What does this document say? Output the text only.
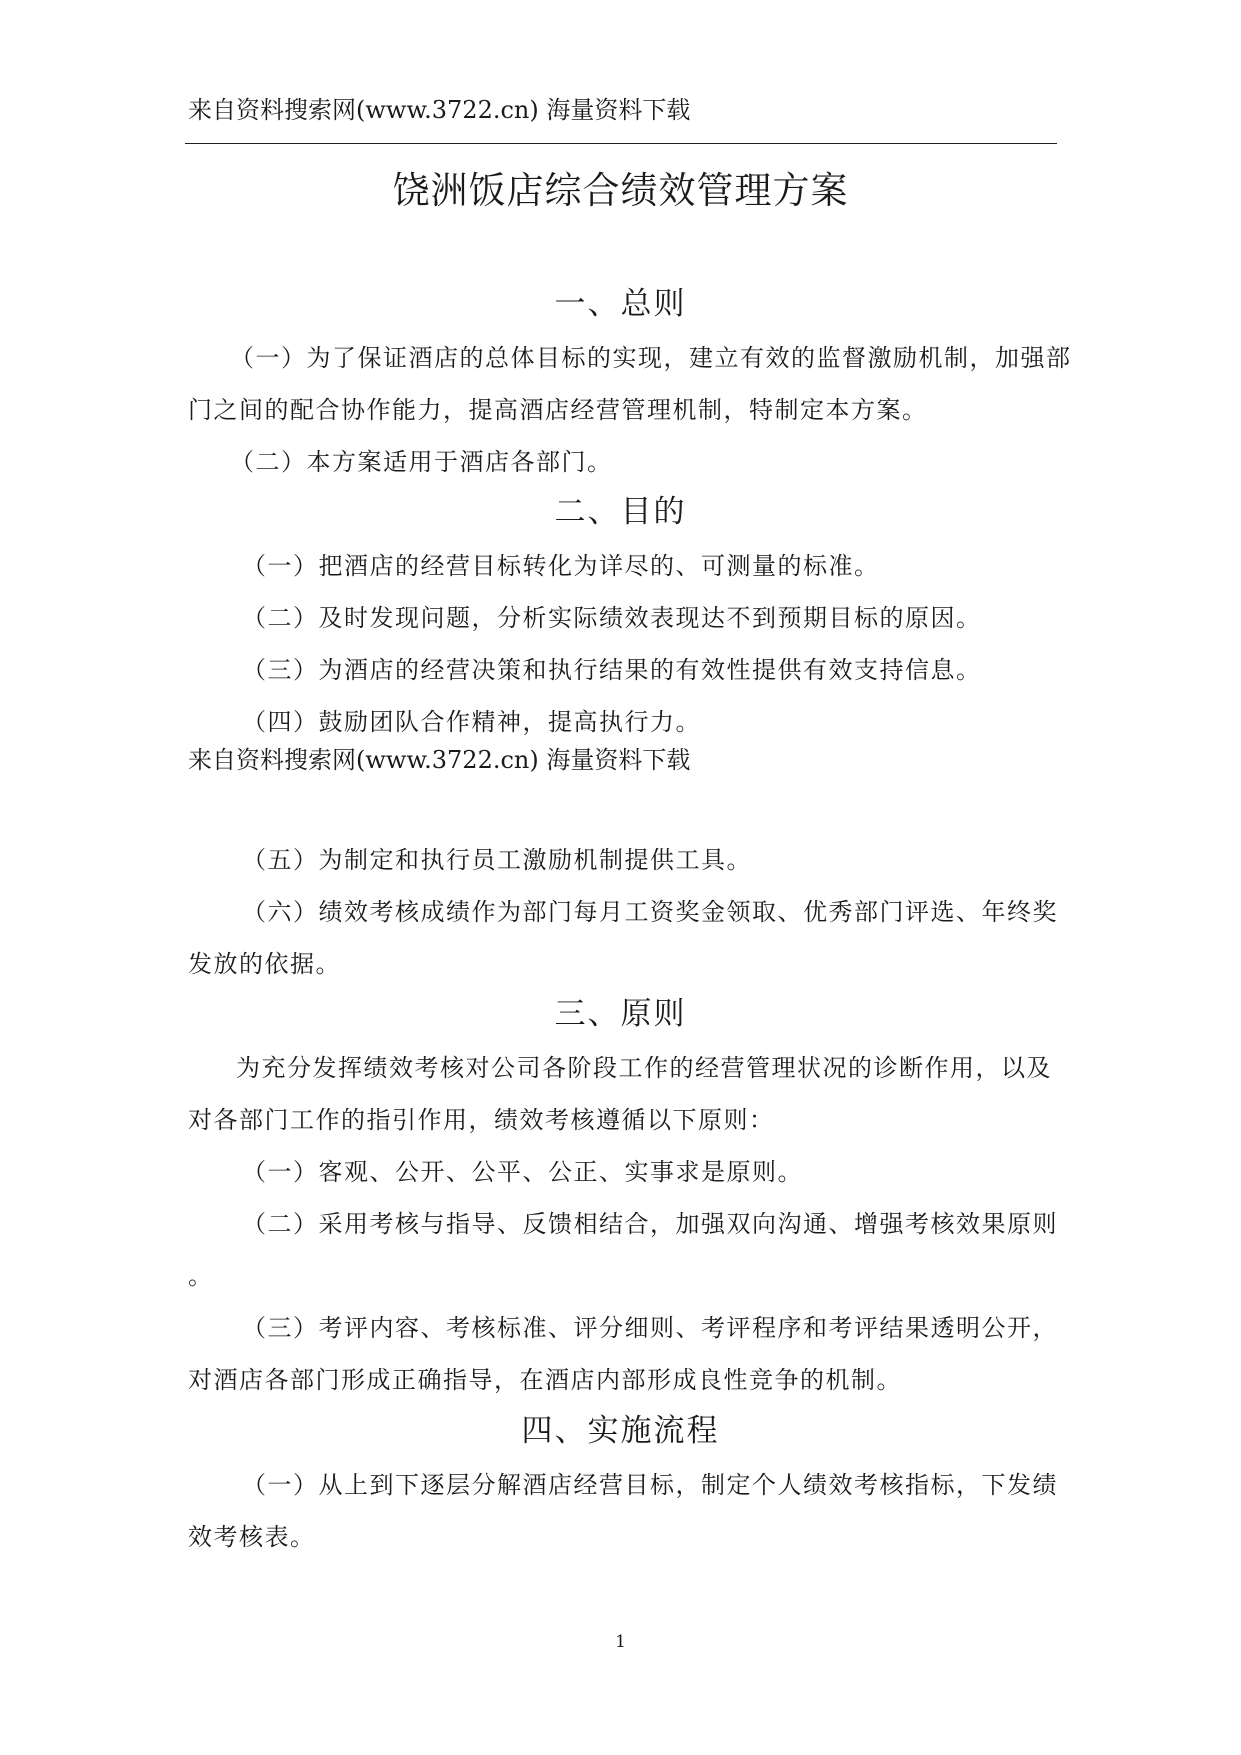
来自资料搜索网(www.3722.cn) 海量资料下载
饶洲饭店综合绩效管理方案
一、总则
（一）为了保证酒店的总体目标的实现，建立有效的监督激励机制，加强部
门之间的配合协作能力，提高酒店经营管理机制，特制定本方案。
（二）本方案适用于酒店各部门。
二、目的
（一）把酒店的经营目标转化为详尽的、可测量的标准。
（二）及时发现问题，分析实际绩效表现达不到预期目标的原因。
（三）为酒店的经营决策和执行结果的有效性提供有效支持信息。
（四）鼓励团队合作精神，提高执行力。
来自资料搜索网(www.3722.cn) 海量资料下载
（五）为制定和执行员工激励机制提供工具。
（六）绩效考核成绩作为部门每月工资奖金领取、优秀部门评选、年终奖
发放的依据。
三、原则
为充分发挥绩效考核对公司各阶段工作的经营管理状况的诊断作用，以及
对各部门工作的指引作用，绩效考核遵循以下原则：
（一）客观、公开、公平、公正、实事求是原则。
（二）采用考核与指导、反馈相结合，加强双向沟通、增强考核效果原则
。
（三）考评内容、考核标准、评分细则、考评程序和考评结果透明公开，
对酒店各部门形成正确指导，在酒店内部形成良性竞争的机制。
四、实施流程
（一）从上到下逐层分解酒店经营目标，制定个人绩效考核指标，下发绩
效考核表。
1
